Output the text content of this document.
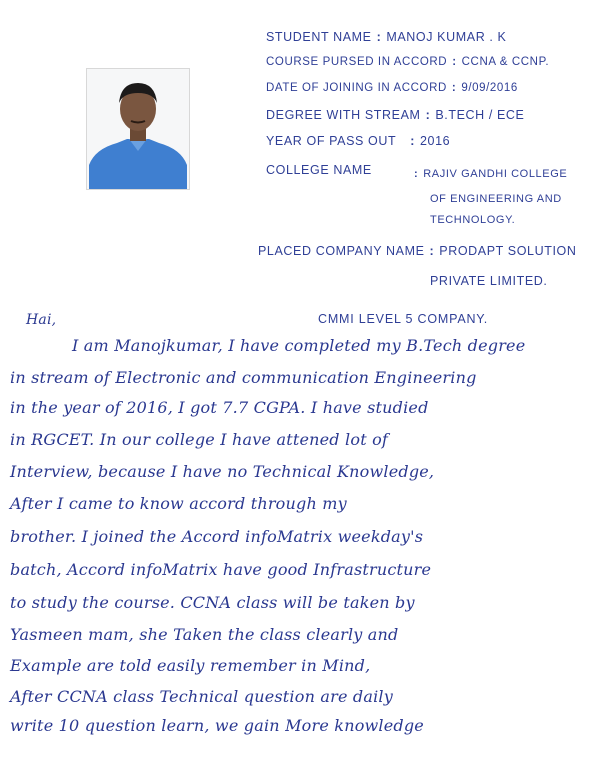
STUDENT NAME : MANOJ KUMAR . K
COURSE PURSED IN ACCORD : CCNA & CCNP.
DATE OF JOINING IN ACCORD : 9/09/2016
DEGREE WITH STREAM : B.TECH / ECE
YEAR OF PASS OUT : 2016
COLLEGE NAME	: RAJIV GANDHI COLLEGE
OF ENGINEERING AND
TECHNOLOGY.
PLACED COMPANY NAME : PRODAPT SOLUTION
PRIVATE LIMITED.
CMMI LEVEL 5 COMPANY.
Hai,
I am Manojkumar, I have completed my B.Tech degree
in stream of Electronic and communication Engineering
in the year of 2016, I got 7.7 CGPA. I have studied
in RGCET. In our college I have attened lot of
Interview, because I have no Technical Knowledge,
After I came to know accord through my
brother. I joined the Accord infoMatrix weekday's
batch, Accord infoMatrix have good Infrastructure
to study the course. CCNA class will be taken by
Yasmeen mam, she Taken the class clearly and
Example are told easily remember in Mind,
After CCNA class Technical question are daily
write 10 question learn, we gain More knowledge
